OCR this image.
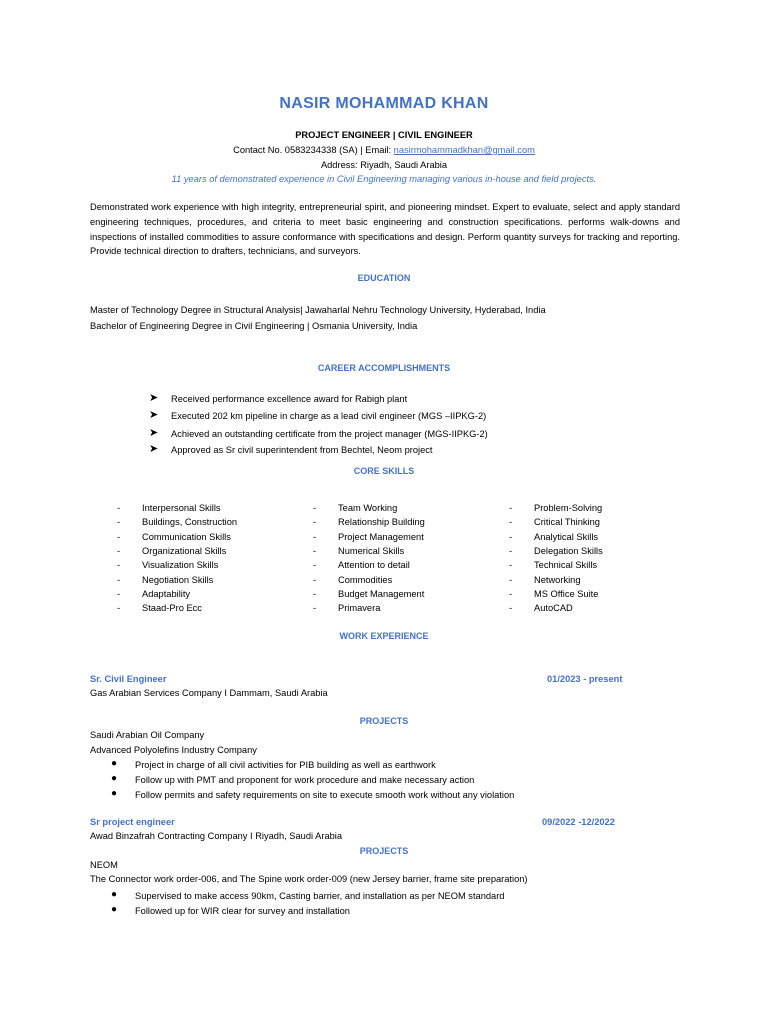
NASIR MOHAMMAD KHAN
PROJECT ENGINEER | CIVIL ENGINEER
Contact No. 0583234338 (SA) | Email: nasirmohammadkhan@gmail.com
Address: Riyadh, Saudi Arabia
11 years of demonstrated experience in Civil Engineering managing various in-house and field projects.
Demonstrated work experience with high integrity, entrepreneurial spirit, and pioneering mindset. Expert to evaluate, select and apply standard engineering techniques, procedures, and criteria to meet basic engineering and construction specifications. performs walk-downs and inspections of installed commodities to assure conformance with specifications and design. Perform quantity surveys for tracking and reporting. Provide technical direction to drafters, technicians, and surveyors.
EDUCATION
Master of Technology Degree in Structural Analysis| Jawaharlal Nehru Technology University, Hyderabad, India
Bachelor of Engineering Degree in Civil Engineering | Osmania University, India
CAREER ACCOMPLISHMENTS
➤ Received performance excellence award for Rabigh plant
➤ Executed 202 km pipeline in charge as a lead civil engineer (MGS –IIPKG-2)
➤ Achieved an outstanding certificate from the project manager (MGS-IIPKG-2)
➤ Approved as Sr civil superintendent from Bechtel, Neom project
CORE SKILLS
- Interpersonal Skills
- Buildings, Construction
- Communication Skills
- Organizational Skills
- Visualization Skills
- Negotiation Skills
- Adaptability
- Staad-Pro Ecc
- Team Working
- Relationship Building
- Project Management
- Numerical Skills
- Attention to detail
- Commodities
- Budget Management
- Primavera
- Problem-Solving
- Critical Thinking
- Analytical Skills
- Delegation Skills
- Technical Skills
- Networking
- MS Office Suite
- AutoCAD
WORK EXPERIENCE
Sr. Civil Engineer	01/2023 - present
Gas Arabian Services Company I Dammam, Saudi Arabia
PROJECTS
Saudi Arabian Oil Company
Advanced Polyolefins Industry Company
● Project in charge of all civil activities for PIB building as well as earthwork
● Follow up with PMT and proponent for work procedure and make necessary action
● Follow permits and safety requirements on site to execute smooth work without any violation
Sr project engineer	09/2022 -12/2022
Awad Binzafrah Contracting Company I Riyadh, Saudi Arabia
PROJECTS
NEOM
The Connector work order-006, and The Spine work order-009 (new Jersey barrier, frame site preparation)
● Supervised to make access 90km, Casting barrier, and installation as per NEOM standard
● Followed up for WIR clear for survey and installation
